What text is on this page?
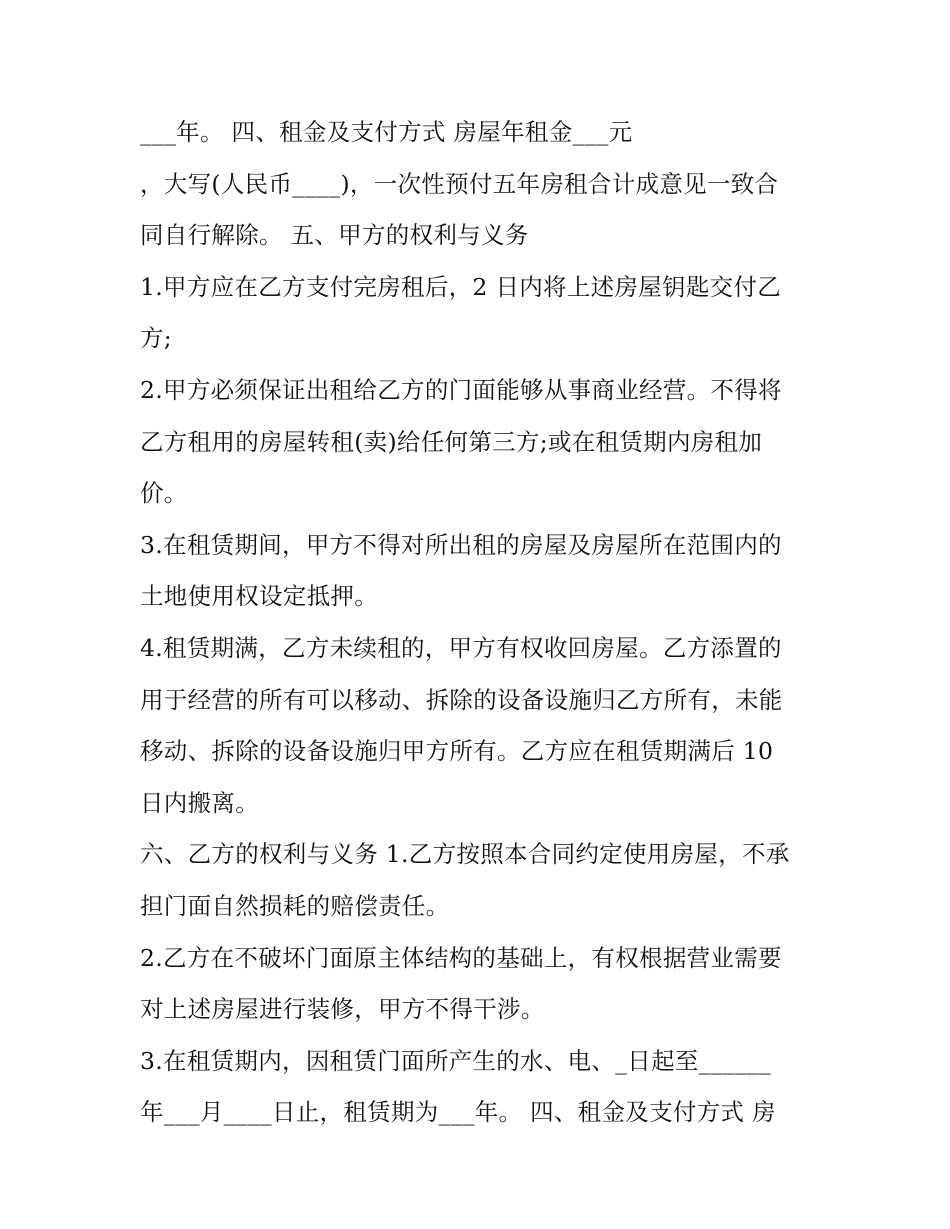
___年。 四、租金及支付方式 房屋年租金___元
，大写(人民币____)，一次性预付五年房租合计成意见一致合
同自行解除。 五、甲方的权利与义务
1.甲方应在乙方支付完房租后，2 日内将上述房屋钥匙交付乙
方;
2.甲方必须保证出租给乙方的门面能够从事商业经营。不得将
乙方租用的房屋转租(卖)给任何第三方;或在租赁期内房租加
价。
3.在租赁期间，甲方不得对所出租的房屋及房屋所在范围内的
土地使用权设定抵押。
4.租赁期满，乙方未续租的，甲方有权收回房屋。乙方添置的
用于经营的所有可以移动、拆除的设备设施归乙方所有，未能
移动、拆除的设备设施归甲方所有。乙方应在租赁期满后 10
日内搬离。
六、乙方的权利与义务 1.乙方按照本合同约定使用房屋，不承
担门面自然损耗的赔偿责任。
2.乙方在不破坏门面原主体结构的基础上，有权根据营业需要
对上述房屋进行装修，甲方不得干涉。
3.在租赁期内，因租赁门面所产生的水、电、_日起至______
年___月____日止，租赁期为___年。 四、租金及支付方式 房
